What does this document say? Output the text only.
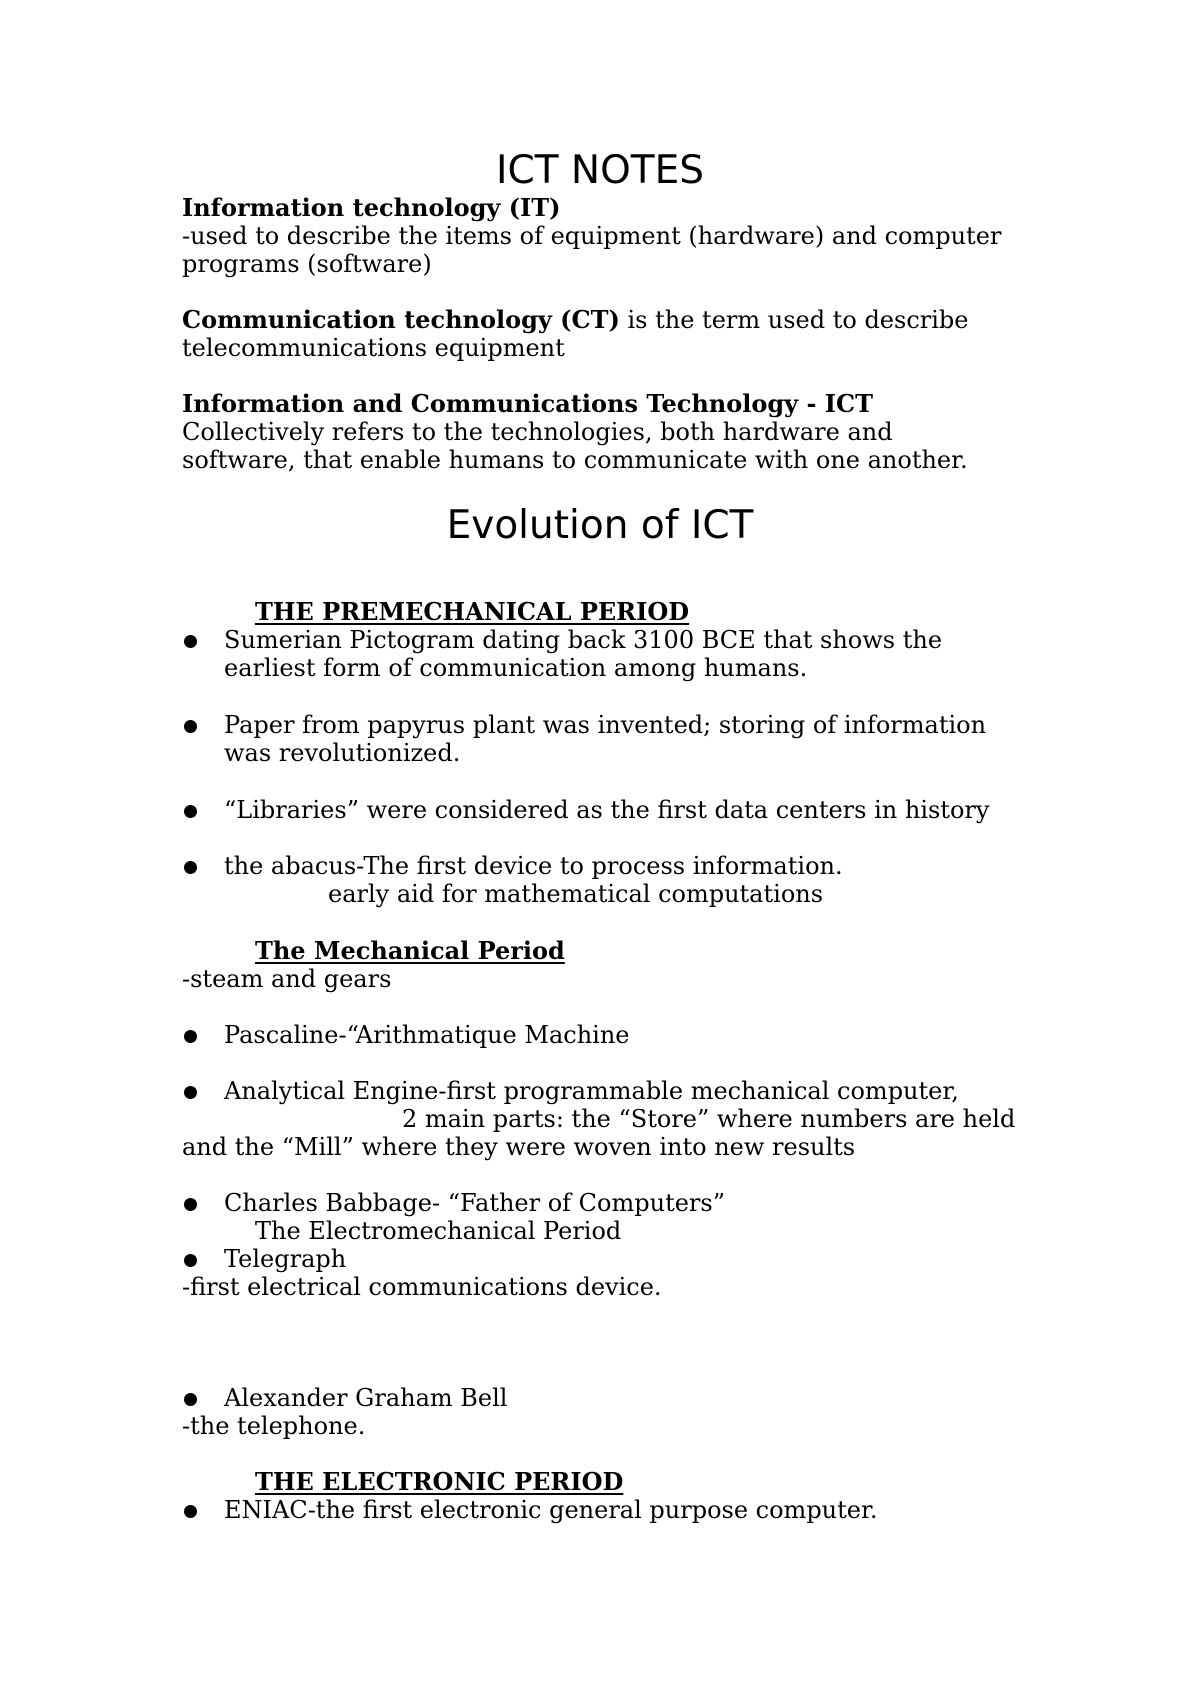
ICT NOTES
Information technology (IT)
-used to describe the items of equipment (hardware) and computer
programs (software)
Communication technology (CT) is the term used to describe
telecommunications equipment
Information and Communications Technology - ICT
Collectively refers to the technologies, both hardware and
software, that enable humans to communicate with one another.
Evolution of ICT
THE PREMECHANICAL PERIOD
Sumerian Pictogram dating back 3100 BCE that shows the
earliest form of communication among humans.
Paper from papyrus plant was invented; storing of information
was revolutionized.
“Libraries” were considered as the first data centers in history
the abacus-The first device to process information.
early aid for mathematical computations
The Mechanical Period
-steam and gears
Pascaline-“Arithmatique Machine
Analytical Engine-first programmable mechanical computer,
2 main parts: the “Store” where numbers are held
and the “Mill” where they were woven into new results
Charles Babbage- “Father of Computers”
The Electromechanical Period
Telegraph
-first electrical communications device.
Alexander Graham Bell
-the telephone.
THE ELECTRONIC PERIOD
ENIAC-the first electronic general purpose computer.
